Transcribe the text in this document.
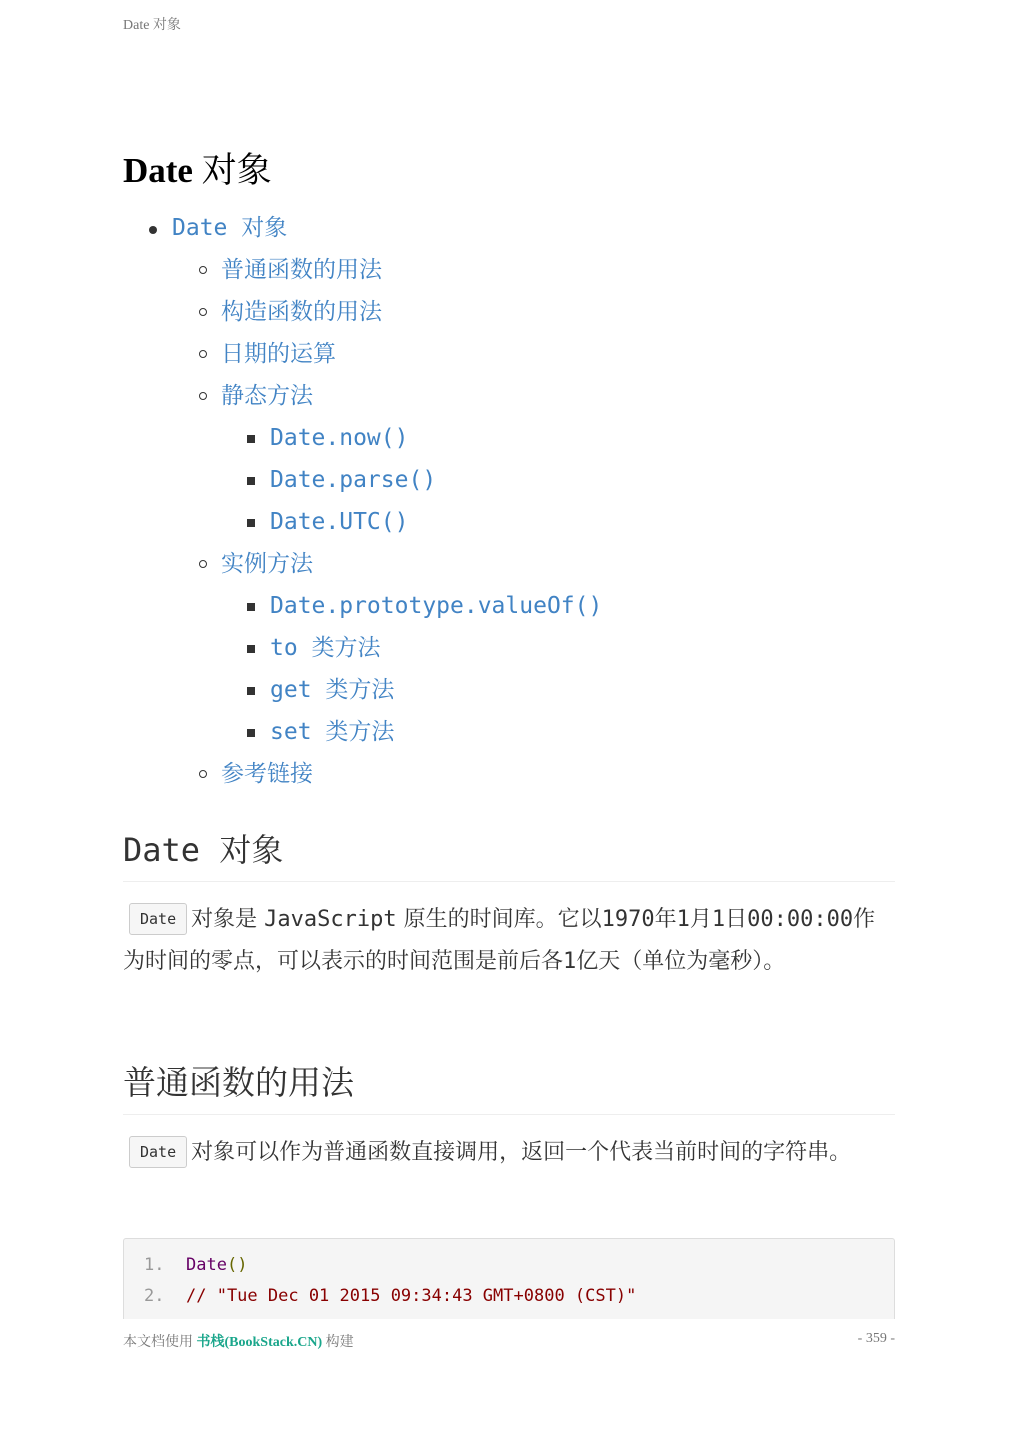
Date 对象
Date 对象
Date 对象
普通函数的用法
构造函数的用法
日期的运算
静态方法
Date.now()
Date.parse()
Date.UTC()
实例方法
Date.prototype.valueOf()
to 类方法
get 类方法
set 类方法
参考链接
Date 对象

Date 对象是 JavaScript 原生的时间库。它以1970年1月1日00:00:00作为时间的零点，可以表示的时间范围是前后各1亿天（单位为毫秒）。

普通函数的用法

Date 对象可以作为普通函数直接调用，返回一个代表当前时间的字符串。

1. Date()
2. // "Tue Dec 01 2015 09:34:43 GMT+0800 (CST)"
本文档使用 书栈(BookStack.CN) 构建	- 359 -
